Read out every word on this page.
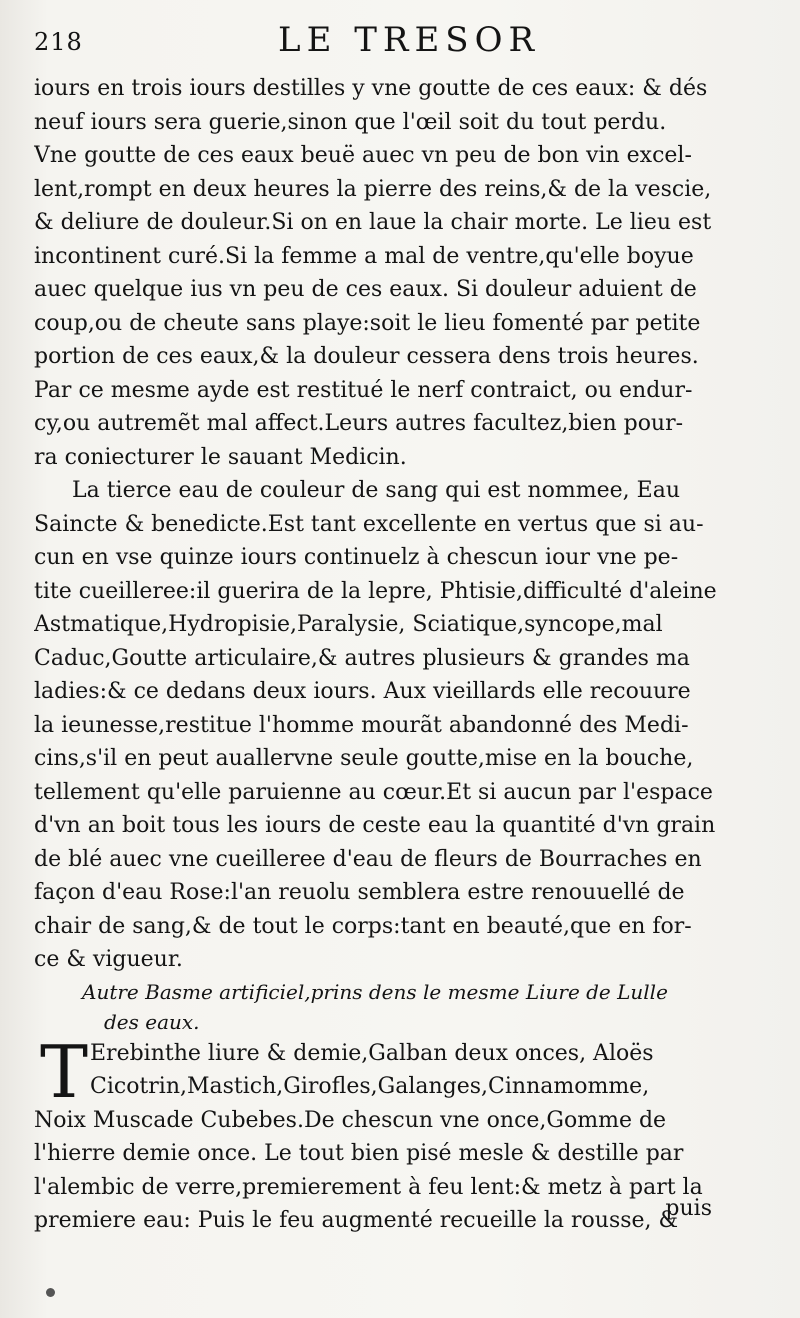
218	LE TRESOR
iours en trois iours destilles y vne goutte de ces eaux: & dés
neuf iours sera guerie,sinon que l'œil soit du tout perdu.
Vne goutte de ces eaux beuë auec vn peu de bon vin excel-
lent,rompt en deux heures la pierre des reins,& de la vescie,
& deliure de douleur.Si on en laue la chair morte. Le lieu est
incontinent curé.Si la femme a mal de ventre,qu'elle boyue
auec quelque ius vn peu de ces eaux. Si douleur aduient de
coup,ou de cheute sans playe:soit le lieu fomenté par petite
portion de ces eaux,& la douleur cessera dens trois heures.
Par ce mesme ayde est restitué le nerf contraict, ou endur-
cy,ou autremẽt mal affect.Leurs autres facultez,bien pour-
ra coniecturer le sauant Medicin.
La tierce eau de couleur de sang qui est nommee, Eau
Saincte & benedicte.Est tant excellente en vertus que si au-
cun en vse quinze iours continuelz à chescun iour vne pe-
tite cueilleree:il guerira de la lepre, Phtisie,difficulté d'aleine
Astmatique,Hydropisie,Paralysie, Sciatique,syncope,mal
Caduc,Goutte articulaire,& autres plusieurs & grandes ma
ladies:& ce dedans deux iours. Aux vieillards elle recouure
la ieunesse,restitue l'homme mourãt abandonné des Medi-
cins,s'il en peut auallervne seule goutte,mise en la bouche,
tellement qu'elle paruienne au cœur.Et si aucun par l'espace
d'vn an boit tous les iours de ceste eau la quantité d'vn grain
de blé auec vne cueilleree d'eau de fleurs de Bourraches en
façon d'eau Rose:l'an reuolu semblera estre renouuellé de
chair de sang,& de tout le corps:tant en beauté,que en for-
ce & vigueur.
Autre Basme artificiel,prins dens le mesme Liure de Lulle
des eaux.
T Erebinthe liure & demie,Galban deux onces, Aloës
Cicotrin,Mastich,Girofles,Galanges,Cinnamomme,
Noix Muscade Cubebes.De chescun vne once,Gomme de
l'hierre demie once. Le tout bien pisé mesle & destille par
l'alembic de verre,premierement à feu lent:& metz à part la
premiere eau: Puis le feu augmenté recueille la rousse, &
puis
